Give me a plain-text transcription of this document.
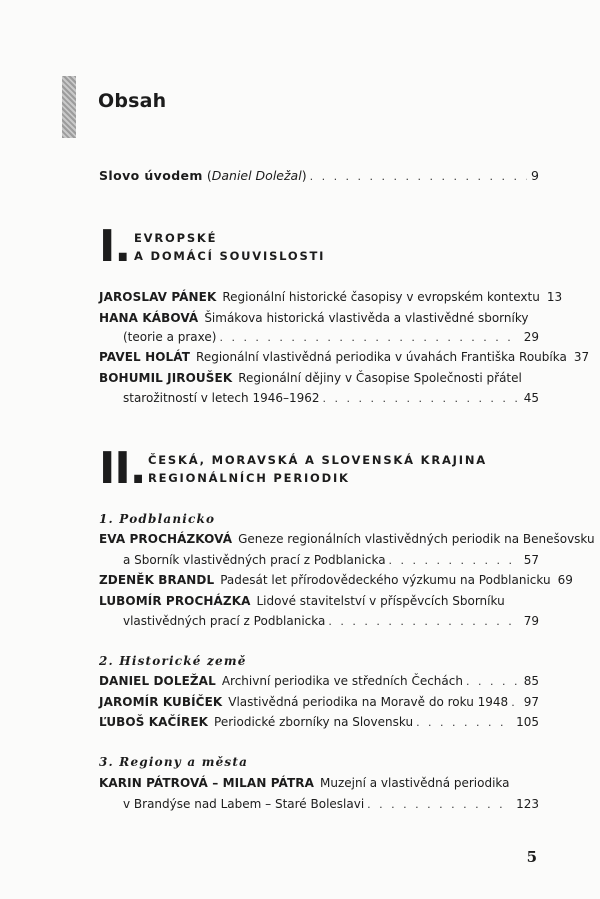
Obsah
Slovo úvodem (Daniel Doležal) . . .	9
I. EVROPSKÉ
A DOMÁCÍ SOUVISLOSTI
JAROSLAV PÁNEK Regionální historické časopisy v evropském kontextu 13
HANA KÁBOVÁ Šimákova historická vlastivěda a vlastivědné sborníky
(teorie a praxe) . . .	29
PAVEL HOLÁT Regionální vlastivědná periodika v úvahách Františka Roubíka 37
BOHUMIL JIROUŠEK Regionální dějiny v Časopise Společnosti přátel
starožitností v letech 1946–1962 . . .	45
II. ČESKÁ, MORAVSKÁ A SLOVENSKÁ KRAJINA
REGIONÁLNÍCH PERIODIK
1. Podblanicko
EVA PROCHÁZKOVÁ Geneze regionálních vlastivědných periodik na Benešovsku
a Sborník vlastivědných prací z Podblanicka . . .	57
ZDENĚK BRANDL Padesát let přírodovědeckého výzkumu na Podblanicku 69
LUBOMÍR PROCHÁZKA Lidové stavitelství v příspěvcích Sborníku
vlastivědných prací z Podblanicka . . .	79
2. Historické země
DANIEL DOLEŽAL Archivní periodika ve středních Čechách . . .	85
JAROMÍR KUBÍČEK Vlastivědná periodika na Moravě do roku 1948 . . . 97
ĽUBOŠ KAČÍREK Periodické zborníky na Slovensku . . .	105
3. Regiony a města
KARIN PÁTROVÁ – MILAN PÁTRA Muzejní a vlastivědná periodika
v Brandýse nad Labem – Staré Boleslavi . . .	123
5
